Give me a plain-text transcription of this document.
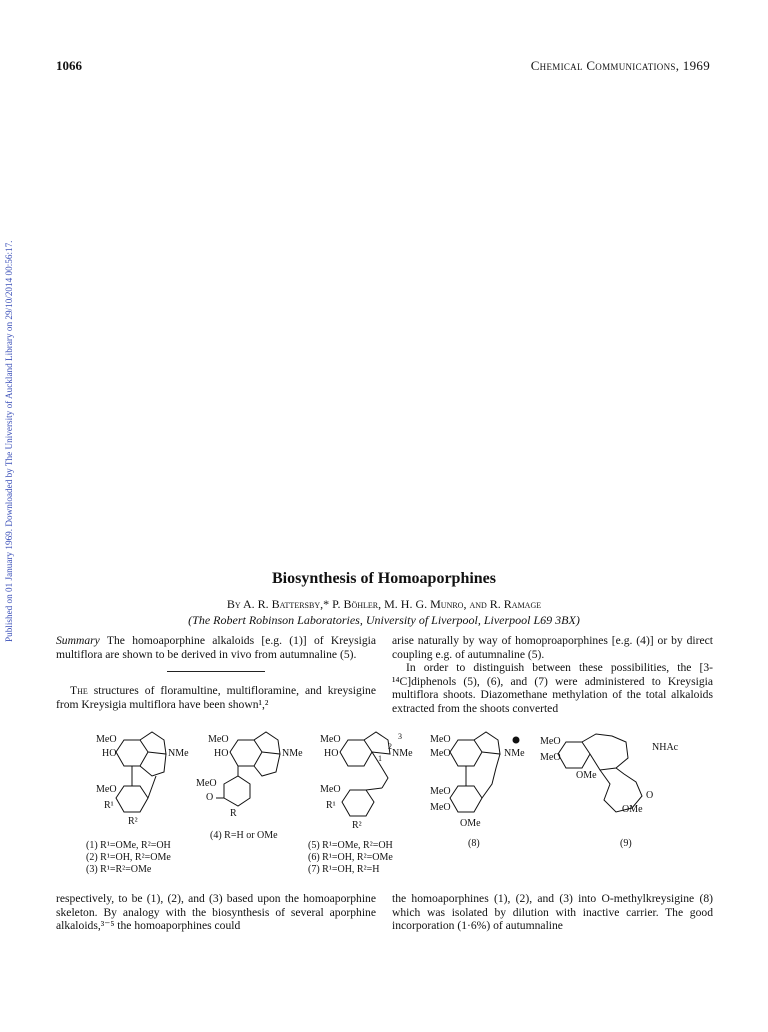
1066	Chemical Communications, 1969
Published on 01 January 1969. Downloaded by The University of Auckland Library on 29/10/2014 00:56:17.	Biosynthesis of Homoaporphines
By A. R. Battersby,* P. Böhler, M. H. G. Munro, and R. Ramage
(The Robert Robinson Laboratories, University of Liverpool, Liverpool L69 3BX)

Summary The homoaporphine alkaloids [e.g. (1)] of Kreysigia multiflora are shown to be derived in vivo from autumnaline (5).

The structures of floramultine, multifloramine, and kreysigine from Kreysigia multiflora have been shown¹,²

arise naturally by way of homoproaporphines [e.g. (4)] or by direct coupling e.g. of autumnaline (5).

In order to distinguish between these possibilities, the [3-¹⁴C]diphenols (5), (6), and (7) were administered to Kreysigia multiflora shoots. Diazomethane methylation of the total alkaloids extracted from the shoots converted

MeO
HO	NMe
MeO
R¹
R²
MeO
HO	NMe
MeO
O
R
MeO
HO	NMe
3
2
1
MeO
R¹
R²
MeO
MeO	NMe
MeO
MeO
OMe
MeO
MeO
NHAc
OMe
O
OMe
(1) R¹=OMe, R²=OH
(2) R¹=OH, R²=OMe
(3) R¹=R²=OMe
(4) R=H or OMe
(5) R¹=OMe, R²=OH
(6) R¹=OH, R²=OMe
(7) R¹=OH, R²=H
(8)	(9)

respectively, to be (1), (2), and (3) based upon the homoaporphine skeleton. By analogy with the biosynthesis of several aporphine alkaloids,³⁻⁵ the homoaporphines could

the homoaporphines (1), (2), and (3) into O-methylkreysigine (8) which was isolated by dilution with inactive carrier. The good incorporation (1·6%) of autumnaline
